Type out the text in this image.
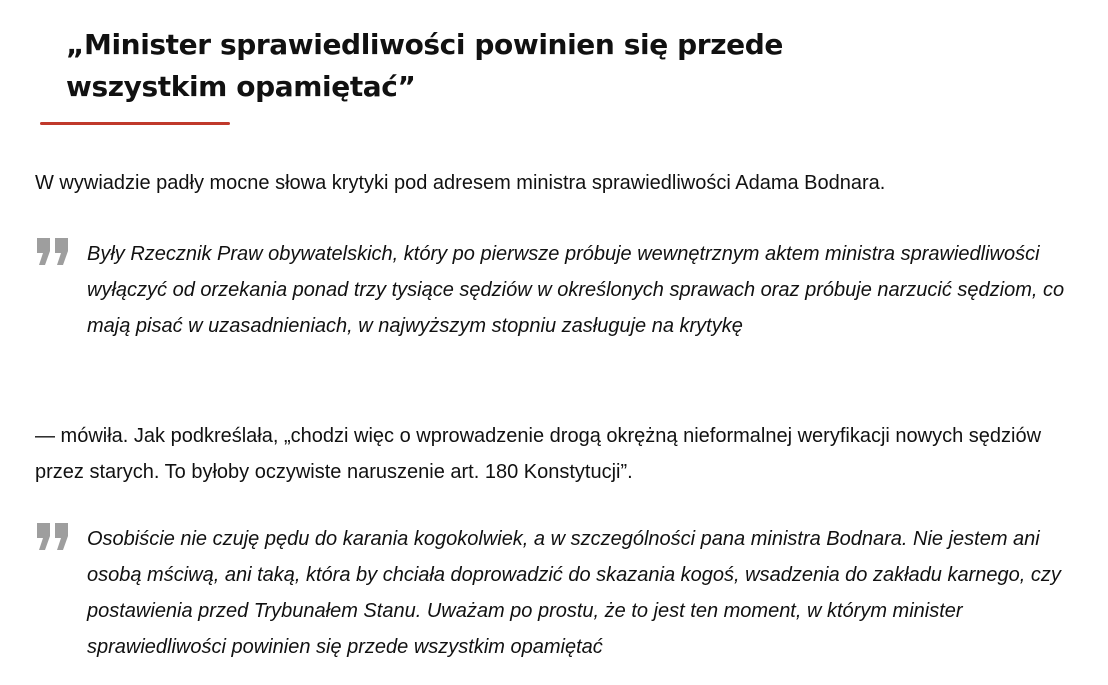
„Minister sprawiedliwości powinien się przede wszystkim opamiętać”

W wywiadzie padły mocne słowa krytyki pod adresem ministra sprawiedliwości Adama Bodnara.

Były Rzecznik Praw obywatelskich, który po pierwsze próbuje wewnętrznym aktem ministra sprawiedliwości wyłączyć od orzekania ponad trzy tysiące sędziów w określonych sprawach oraz próbuje narzucić sędziom, co mają pisać w uzasadnieniach, w najwyższym stopniu zasługuje na krytykę

— mówiła. Jak podkreślała, „chodzi więc o wprowadzenie drogą okrężną nieformalnej weryfikacji nowych sędziów przez starych. To byłoby oczywiste naruszenie art. 180 Konstytucji”.

Osobiście nie czuję pędu do karania kogokolwiek, a w szczególności pana ministra Bodnara. Nie jestem ani osobą mściwą, ani taką, która by chciała doprowadzić do skazania kogoś, wsadzenia do zakładu karnego, czy postawienia przed Trybunałem Stanu. Uważam po prostu, że to jest ten moment, w którym minister sprawiedliwości powinien się przede wszystkim opamiętać
